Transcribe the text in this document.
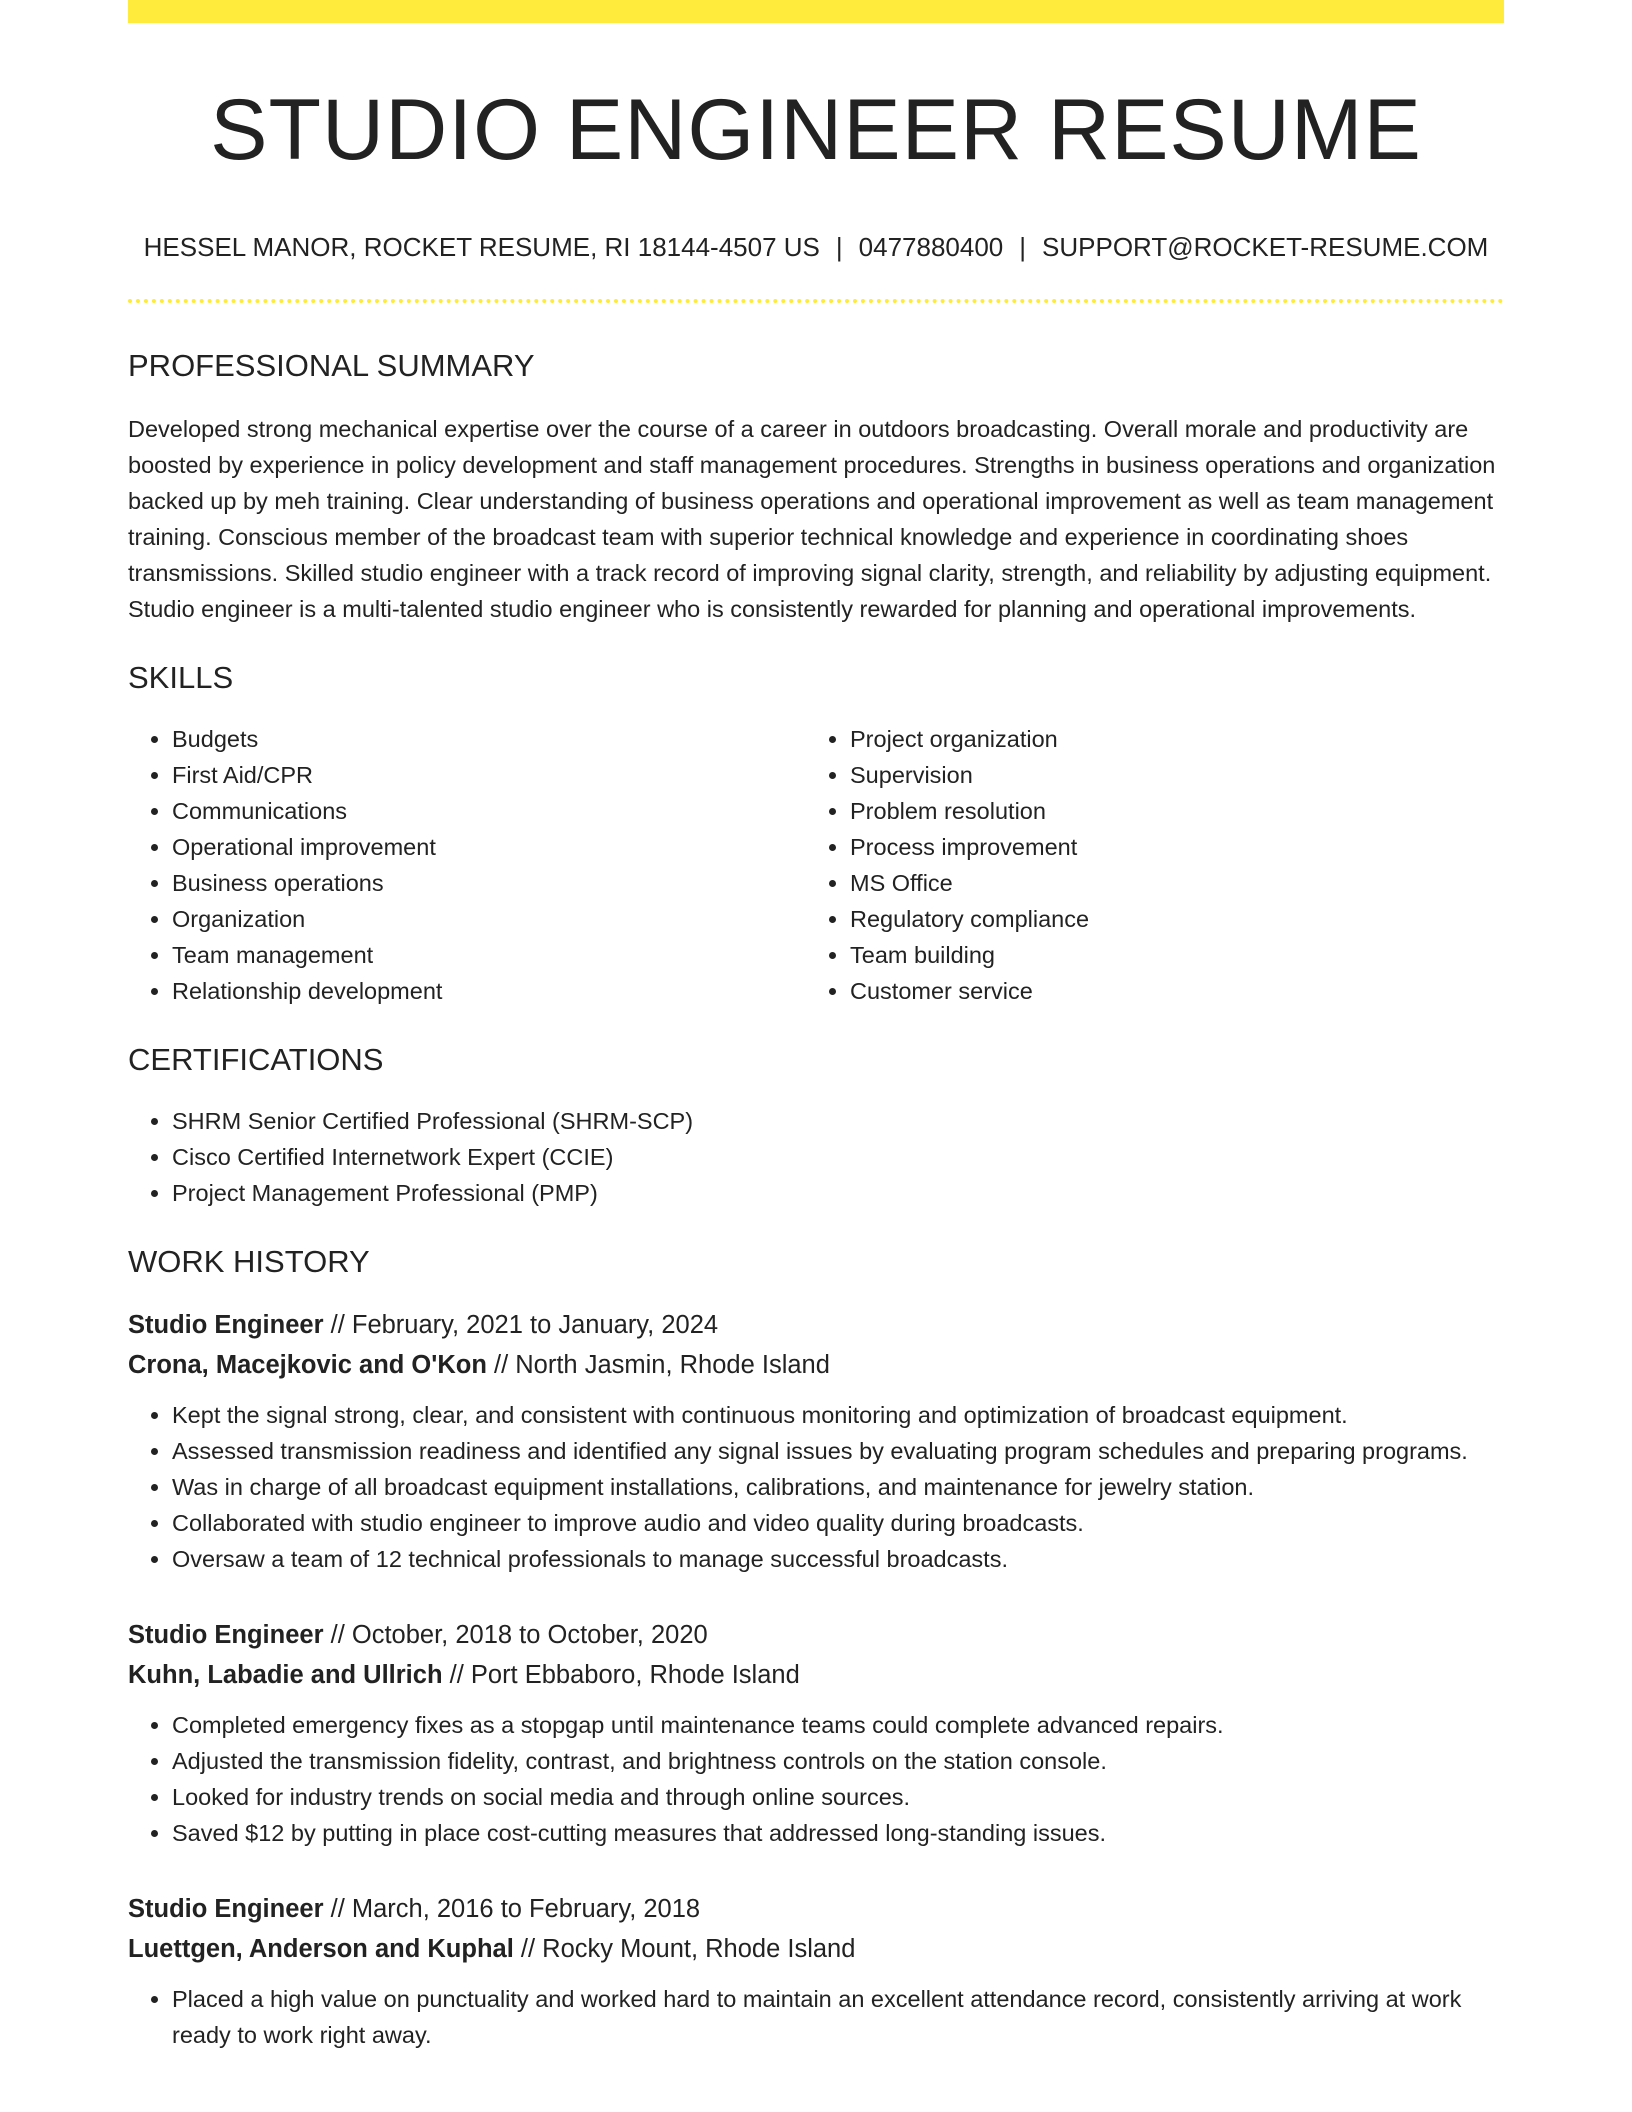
STUDIO ENGINEER RESUME
HESSEL MANOR, ROCKET RESUME, RI 18144-4507 US | 0477880400 | SUPPORT@ROCKET-RESUME.COM
PROFESSIONAL SUMMARY
Developed strong mechanical expertise over the course of a career in outdoors broadcasting. Overall morale and productivity are boosted by experience in policy development and staff management procedures. Strengths in business operations and organization backed up by meh training. Clear understanding of business operations and operational improvement as well as team management training. Conscious member of the broadcast team with superior technical knowledge and experience in coordinating shoes transmissions. Skilled studio engineer with a track record of improving signal clarity, strength, and reliability by adjusting equipment. Studio engineer is a multi-talented studio engineer who is consistently rewarded for planning and operational improvements.
SKILLS
• Budgets
• First Aid/CPR
• Communications
• Operational improvement
• Business operations
• Organization
• Team management
• Relationship development
• Project organization
• Supervision
• Problem resolution
• Process improvement
• MS Office
• Regulatory compliance
• Team building
• Customer service
CERTIFICATIONS
• SHRM Senior Certified Professional (SHRM-SCP)
• Cisco Certified Internetwork Expert (CCIE)
• Project Management Professional (PMP)
WORK HISTORY
Studio Engineer // February, 2021 to January, 2024
Crona, Macejkovic and O'Kon // North Jasmin, Rhode Island
• Kept the signal strong, clear, and consistent with continuous monitoring and optimization of broadcast equipment.
• Assessed transmission readiness and identified any signal issues by evaluating program schedules and preparing programs.
• Was in charge of all broadcast equipment installations, calibrations, and maintenance for jewelry station.
• Collaborated with studio engineer to improve audio and video quality during broadcasts.
• Oversaw a team of 12 technical professionals to manage successful broadcasts.
Studio Engineer // October, 2018 to October, 2020
Kuhn, Labadie and Ullrich // Port Ebbaboro, Rhode Island
• Completed emergency fixes as a stopgap until maintenance teams could complete advanced repairs.
• Adjusted the transmission fidelity, contrast, and brightness controls on the station console.
• Looked for industry trends on social media and through online sources.
• Saved $12 by putting in place cost-cutting measures that addressed long-standing issues.
Studio Engineer // March, 2016 to February, 2018
Luettgen, Anderson and Kuphal // Rocky Mount, Rhode Island
• Placed a high value on punctuality and worked hard to maintain an excellent attendance record, consistently arriving at work ready to work right away.
